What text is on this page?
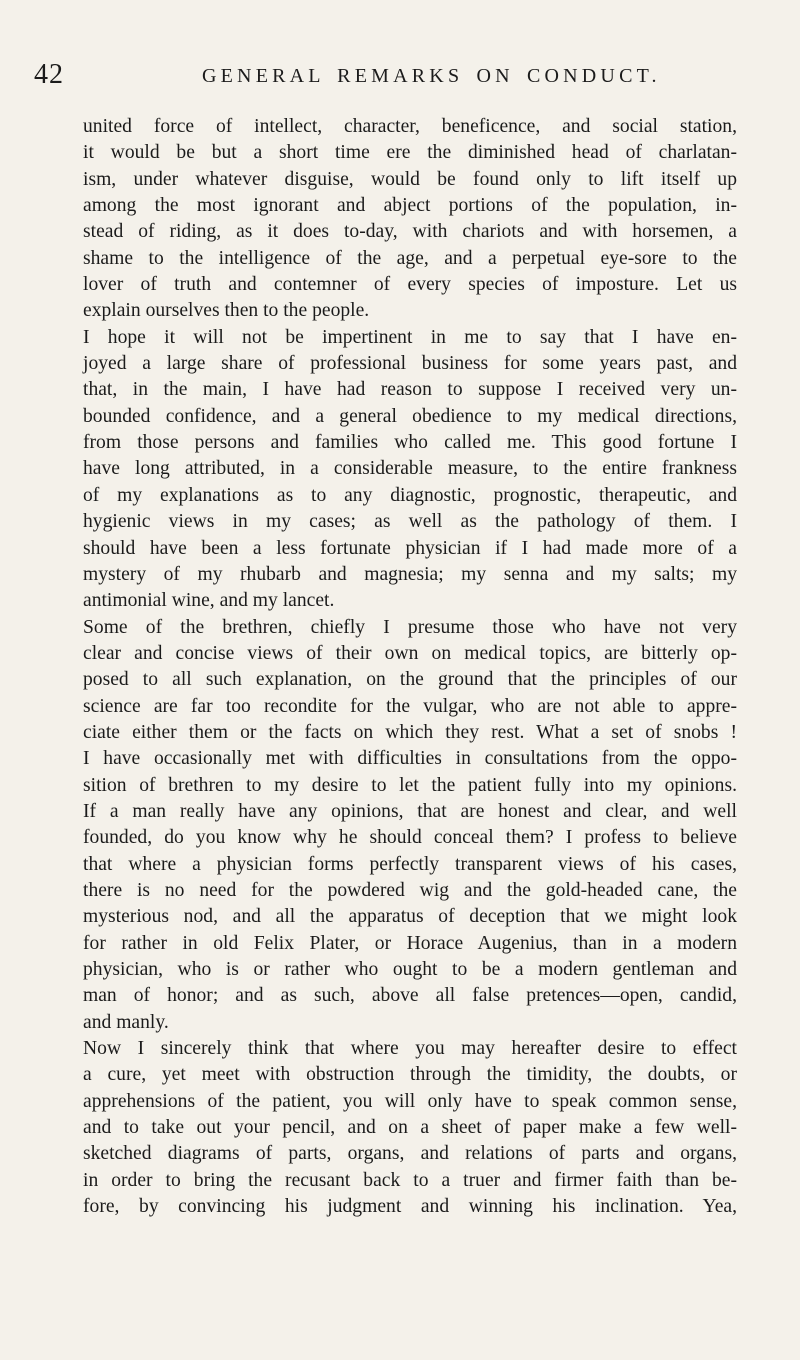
42	GENERAL REMARKS ON CONDUCT.
united force of intellect, character, beneficence, and social station,
it would be but a short time ere the diminished head of charlatan-
ism, under whatever disguise, would be found only to lift itself up
among the most ignorant and abject portions of the population, in-
stead of riding, as it does to-day, with chariots and with horsemen, a
shame to the intelligence of the age, and a perpetual eye-sore to the
lover of truth and contemner of every species of imposture. Let us
explain ourselves then to the people.
I hope it will not be impertinent in me to say that I have en-
joyed a large share of professional business for some years past, and
that, in the main, I have had reason to suppose I received very un-
bounded confidence, and a general obedience to my medical directions,
from those persons and families who called me. This good fortune I
have long attributed, in a considerable measure, to the entire frankness
of my explanations as to any diagnostic, prognostic, therapeutic, and
hygienic views in my cases; as well as the pathology of them. I
should have been a less fortunate physician if I had made more of a
mystery of my rhubarb and magnesia; my senna and my salts; my
antimonial wine, and my lancet.
Some of the brethren, chiefly I presume those who have not very
clear and concise views of their own on medical topics, are bitterly op-
posed to all such explanation, on the ground that the principles of our
science are far too recondite for the vulgar, who are not able to appre-
ciate either them or the facts on which they rest. What a set of snobs !
I have occasionally met with difficulties in consultations from the oppo-
sition of brethren to my desire to let the patient fully into my opinions.
If a man really have any opinions, that are honest and clear, and well
founded, do you know why he should conceal them? I profess to believe
that where a physician forms perfectly transparent views of his cases,
there is no need for the powdered wig and the gold-headed cane, the
mysterious nod, and all the apparatus of deception that we might look
for rather in old Felix Plater, or Horace Augenius, than in a modern
physician, who is or rather who ought to be a modern gentleman and
man of honor; and as such, above all false pretences—open, candid,
and manly.
Now I sincerely think that where you may hereafter desire to effect
a cure, yet meet with obstruction through the timidity, the doubts, or
apprehensions of the patient, you will only have to speak common sense,
and to take out your pencil, and on a sheet of paper make a few well-
sketched diagrams of parts, organs, and relations of parts and organs,
in order to bring the recusant back to a truer and firmer faith than be-
fore, by convincing his judgment and winning his inclination. Yea,
